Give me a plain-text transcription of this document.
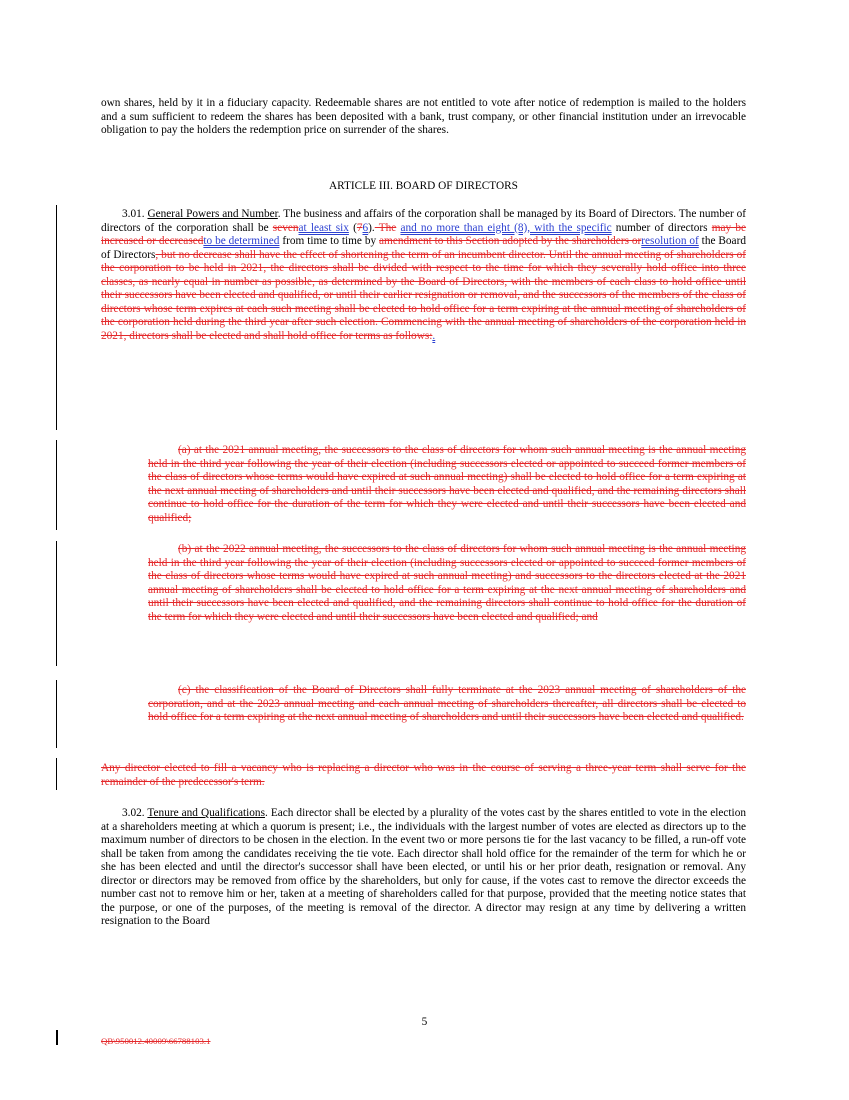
own shares, held by it in a fiduciary capacity. Redeemable shares are not entitled to vote after notice of redemption is mailed to the holders and a sum sufficient to redeem the shares has been deposited with a bank, trust company, or other financial institution under an irrevocable obligation to pay the holders the redemption price on surrender of the shares.

ARTICLE III. BOARD OF DIRECTORS

3.01. General Powers and Number. The business and affairs of the corporation shall be managed by its Board of Directors. The number of directors of the corporation shall be sevenat least six (76). The and no more than eight (8), with the specific number of directors may be increased or decreasedto be determined from time to time by amendment to this Section adopted by the shareholders orresolution of the Board of Directors, but no decrease shall have the effect of shortening the term of an incumbent director. Until the annual meeting of shareholders of the corporation to be held in 2021, the directors shall be divided with respect to the time for which they severally hold office into three classes, as nearly equal in number as possible, as determined by the Board of Directors, with the members of each class to hold office until their successors have been elected and qualified, or until their earlier resignation or removal, and the successors of the members of the class of directors whose term expires at each such meeting shall be elected to hold office for a term expiring at the annual meeting of shareholders of the corporation held during the third year after such election. Commencing with the annual meeting of shareholders of the corporation held in 2021, directors shall be elected and shall hold office for terms as follows:.

(a) at the 2021 annual meeting, the successors to the class of directors for whom such annual meeting is the annual meeting held in the third year following the year of their election (including successors elected or appointed to succeed former members of the class of directors whose terms would have expired at such annual meeting) shall be elected to hold office for a term expiring at the next annual meeting of shareholders and until their successors have been elected and qualified, and the remaining directors shall continue to hold office for the duration of the term for which they were elected and until their successors have been elected and qualified;

(b) at the 2022 annual meeting, the successors to the class of directors for whom such annual meeting is the annual meeting held in the third year following the year of their election (including successors elected or appointed to succeed former members of the class of directors whose terms would have expired at such annual meeting) and successors to the directors elected at the 2021 annual meeting of shareholders shall be elected to hold office for a term expiring at the next annual meeting of shareholders and until their successors have been elected and qualified, and the remaining directors shall continue to hold office for the duration of the term for which they were elected and until their successors have been elected and qualified; and

(c) the classification of the Board of Directors shall fully terminate at the 2023 annual meeting of shareholders of the corporation, and at the 2023 annual meeting and each annual meeting of shareholders thereafter, all directors shall be elected to hold office for a term expiring at the next annual meeting of shareholders and until their successors have been elected and qualified.

Any director elected to fill a vacancy who is replacing a director who was in the course of serving a three-year term shall serve for the remainder of the predecessor's term.

3.02. Tenure and Qualifications. Each director shall be elected by a plurality of the votes cast by the shares entitled to vote in the election at a shareholders meeting at which a quorum is present; i.e., the individuals with the largest number of votes are elected as directors up to the maximum number of directors to be chosen in the election. In the event two or more persons tie for the last vacancy to be filled, a run-off vote shall be taken from among the candidates receiving the tie vote. Each director shall hold office for the remainder of the term for which he or she has been elected and until the director's successor shall have been elected, or until his or her prior death, resignation or removal. Any director or directors may be removed from office by the shareholders, but only for cause, if the votes cast to remove the director exceeds the number cast not to remove him or her, taken at a meeting of shareholders called for that purpose, provided that the meeting notice states that the purpose, or one of the purposes, of the meeting is removal of the director. A director may resign at any time by delivering a written resignation to the Board

5
QB\950012.40009\66788103.1
